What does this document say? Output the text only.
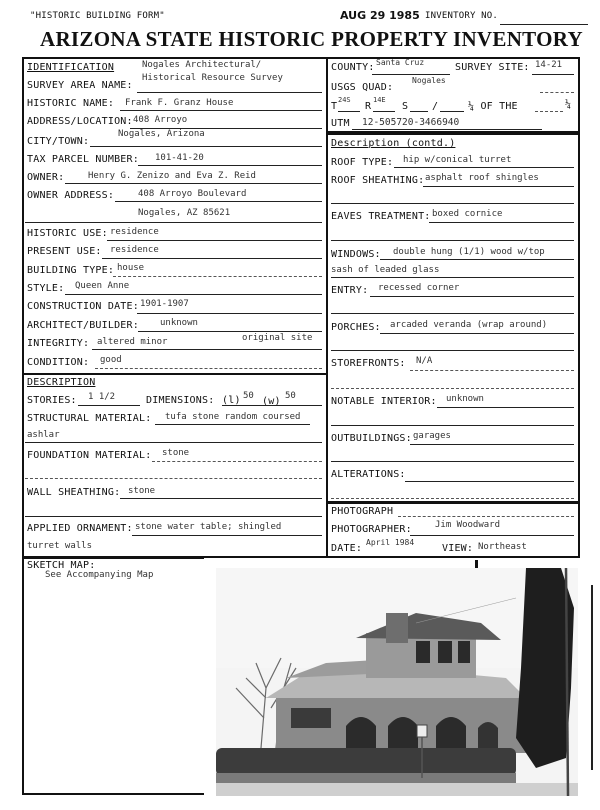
"HISTORIC BUILDING FORM"	AUG 29 1985 INVENTORY NO.
ARIZONA STATE HISTORIC PROPERTY INVENTORY
IDENTIFICATION
SURVEY AREA NAME:
Nogales Architectural/
Historical Resource Survey
HISTORIC NAME: Frank F. Granz House
ADDRESS/LOCATION: 408 Arroyo
CITY/TOWN:
Nogales, Arizona
TAX PARCEL NUMBER: 101-41-20
OWNER:	Henry G. Zenizo and Eva Z. Reid
OWNER ADDRESS:	408 Arroyo Boulevard
Nogales, AZ 85621
HISTORIC USE: residence
PRESENT USE: residence
BUILDING TYPE: house
STYLE: Queen Anne
CONSTRUCTION DATE: 1901-1907
ARCHITECT/BUILDER: unknown
INTEGRITY: altered minor	original site
CONDITION: good
COUNTY: Santa Cruz	SURVEY SITE: 14-21
USGS QUAD:
Nogales
T
24S
R
14E
S /	¼ OF THE	¼
UTM 12-505720-3466940
Description (contd.)
ROOF TYPE: hip w/conical turret
ROOF SHEATHING: asphalt roof shingles
EAVES TREATMENT: boxed cornice
WINDOWS: double hung (1/1) wood w/top
sash of leaded glass
ENTRY: recessed corner
PORCHES: arcaded veranda (wrap around)
STOREFRONTS: N/A
NOTABLE INTERIOR: unknown
OUTBUILDINGS: garages
ALTERATIONS:
PHOTOGRAPH
PHOTOGRAPHER:	Jim Woodward
DATE:
April 1984
VIEW: Northeast
DESCRIPTION
STORIES: 1 1/2	DIMENSIONS: (l) 50 (w) 50
STRUCTURAL MATERIAL: tufa stone random coursed
ashlar
FOUNDATION MATERIAL: stone
WALL SHEATHING: stone
APPLIED ORNAMENT: stone water table; shingled
turret walls
SKETCH MAP:
See Accompanying Map
